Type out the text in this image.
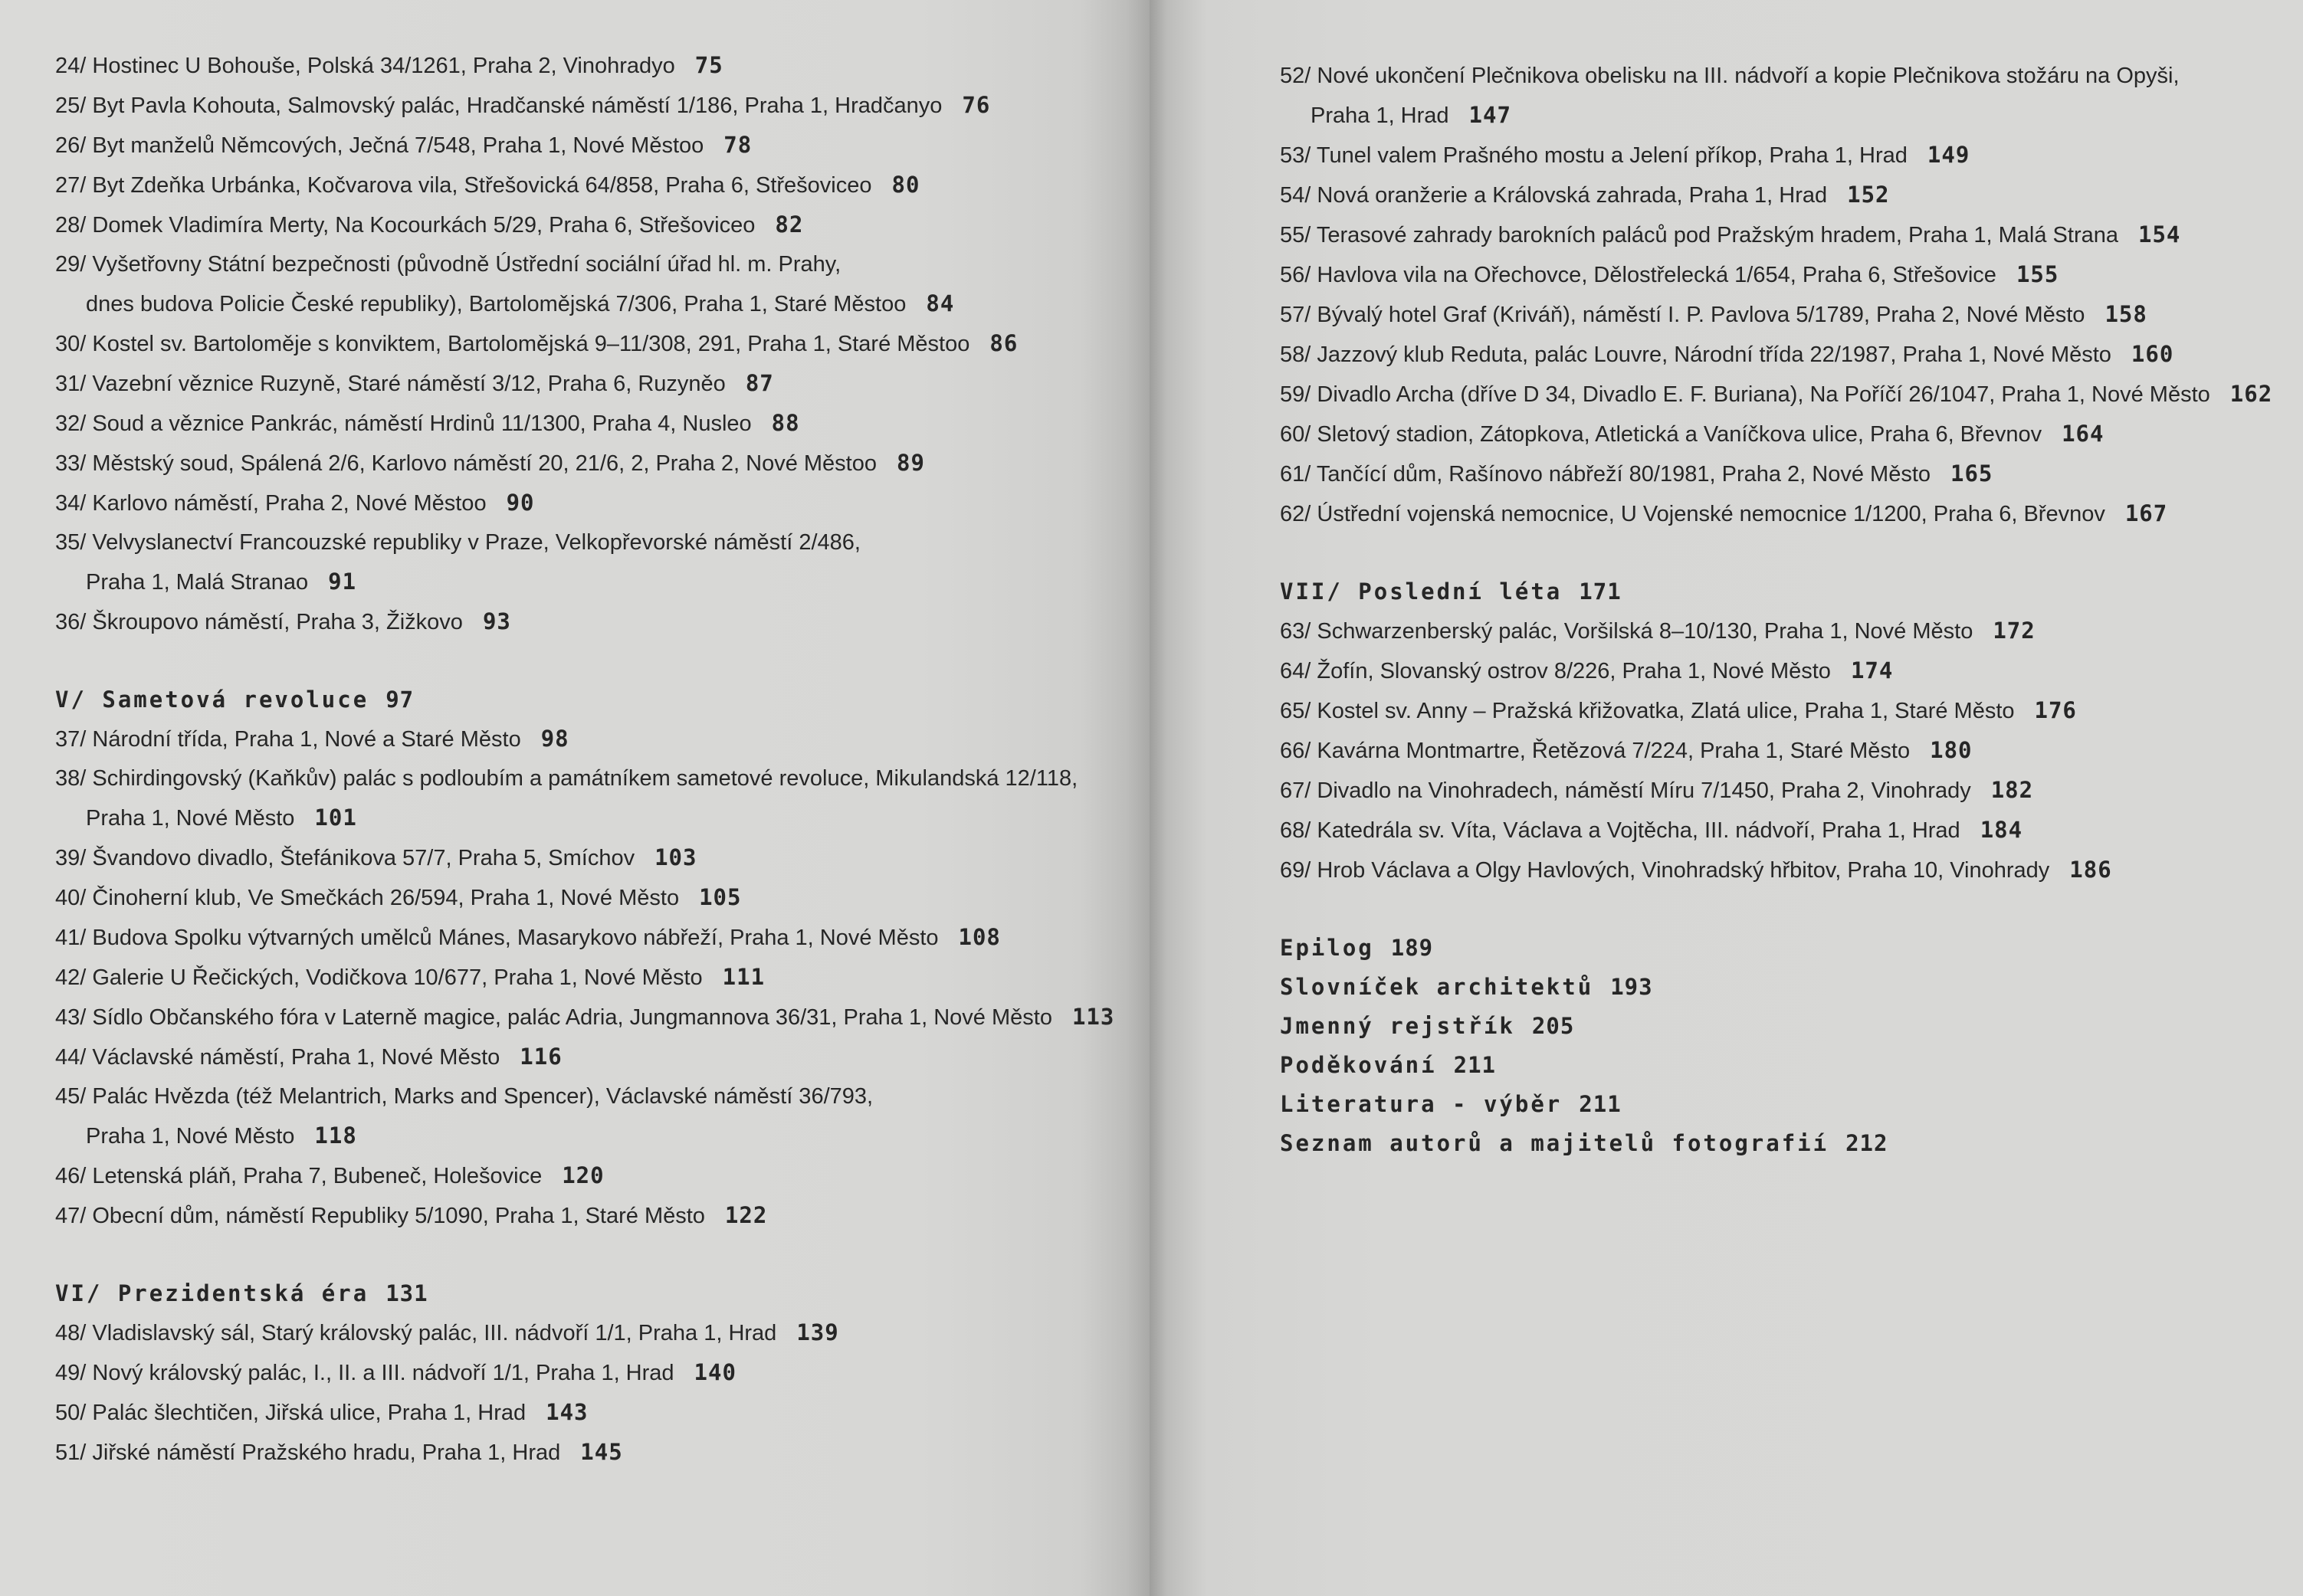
24/ Hostinec U Bohouše, Polská 34/1261, Praha 2, Vinohradyo 75
25/ Byt Pavla Kohouta, Salmovský palác, Hradčanské náměstí 1/186, Praha 1, Hradčanyo 76
26/ Byt manželů Němcových, Ječná 7/548, Praha 1, Nové Městoo 78
27/ Byt Zdeňka Urbánka, Kočvarova vila, Střešovická 64/858, Praha 6, Střešoviceo 80
28/ Domek Vladimíra Merty, Na Kocourkách 5/29, Praha 6, Střešoviceo 82
29/ Vyšetřovny Státní bezpečnosti (původně Ústřední sociální úřad hl. m. Prahy,
dnes budova Policie České republiky), Bartolomějská 7/306, Praha 1, Staré Městoo 84
30/ Kostel sv. Bartoloměje s konviktem, Bartolomějská 9–11/308, 291, Praha 1, Staré Městoo 86
31/ Vazební věznice Ruzyně, Staré náměstí 3/12, Praha 6, Ruzyněo 87
32/ Soud a věznice Pankrác, náměstí Hrdinů 11/1300, Praha 4, Nusleo 88
33/ Městský soud, Spálená 2/6, Karlovo náměstí 20, 21/6, 2, Praha 2, Nové Městoo 89
34/ Karlovo náměstí, Praha 2, Nové Městoo 90
35/ Velvyslanectví Francouzské republiky v Praze, Velkopřevorské náměstí 2/486,
Praha 1, Malá Stranao 91
36/ Škroupovo náměstí, Praha 3, Žižkovo 93
V/ Sametová revoluce 97
37/ Národní třída, Praha 1, Nové a Staré Město 98
38/ Schirdingovský (Kaňkův) palác s podloubím a památníkem sametové revoluce, Mikulandská 12/118,
Praha 1, Nové Město 101
39/ Švandovo divadlo, Štefánikova 57/7, Praha 5, Smíchov 103
40/ Činoherní klub, Ve Smečkách 26/594, Praha 1, Nové Město 105
41/ Budova Spolku výtvarných umělců Mánes, Masarykovo nábřeží, Praha 1, Nové Město 108
42/ Galerie U Řečických, Vodičkova 10/677, Praha 1, Nové Město 111
43/ Sídlo Občanského fóra v Laterně magice, palác Adria, Jungmannova 36/31, Praha 1, Nové Město 113
44/ Václavské náměstí, Praha 1, Nové Město 116
45/ Palác Hvězda (též Melantrich, Marks and Spencer), Václavské náměstí 36/793,
Praha 1, Nové Město 118
46/ Letenská pláň, Praha 7, Bubeneč, Holešovice 120
47/ Obecní dům, náměstí Republiky 5/1090, Praha 1, Staré Město 122
VI/ Prezidentská éra 131
48/ Vladislavský sál, Starý královský palác, III. nádvoří 1/1, Praha 1, Hrad 139
49/ Nový královský palác, I., II. a III. nádvoří 1/1, Praha 1, Hrad 140
50/ Palác šlechtičen, Jiřská ulice, Praha 1, Hrad 143
51/ Jiřské náměstí Pražského hradu, Praha 1, Hrad 145
52/ Nové ukončení Plečnikova obelisku na III. nádvoří a kopie Plečnikova stožáru na Opyši,
Praha 1, Hrad 147
53/ Tunel valem Prašného mostu a Jelení příkop, Praha 1, Hrad 149
54/ Nová oranžerie a Královská zahrada, Praha 1, Hrad 152
55/ Terasové zahrady barokních paláců pod Pražským hradem, Praha 1, Malá Strana 154
56/ Havlova vila na Ořechovce, Dělostřelecká 1/654, Praha 6, Střešovice 155
57/ Bývalý hotel Graf (Kriváň), náměstí I. P. Pavlova 5/1789, Praha 2, Nové Město 158
58/ Jazzový klub Reduta, palác Louvre, Národní třída 22/1987, Praha 1, Nové Město 160
59/ Divadlo Archa (dříve D 34, Divadlo E. F. Buriana), Na Poříčí 26/1047, Praha 1, Nové Město 162
60/ Sletový stadion, Zátopkova, Atletická a Vaníčkova ulice, Praha 6, Břevnov 164
61/ Tančící dům, Rašínovo nábřeží 80/1981, Praha 2, Nové Město 165
62/ Ústřední vojenská nemocnice, U Vojenské nemocnice 1/1200, Praha 6, Břevnov 167
VII/ Poslední léta 171
63/ Schwarzenberský palác, Voršilská 8–10/130, Praha 1, Nové Město 172
64/ Žofín, Slovanský ostrov 8/226, Praha 1, Nové Město 174
65/ Kostel sv. Anny – Pražská křižovatka, Zlatá ulice, Praha 1, Staré Město 176
66/ Kavárna Montmartre, Řetězová 7/224, Praha 1, Staré Město 180
67/ Divadlo na Vinohradech, náměstí Míru 7/1450, Praha 2, Vinohrady 182
68/ Katedrála sv. Víta, Václava a Vojtěcha, III. nádvoří, Praha 1, Hrad 184
69/ Hrob Václava a Olgy Havlových, Vinohradský hřbitov, Praha 10, Vinohrady 186
Epilog 189
Slovníček architektů 193
Jmenný rejstřík 205
Poděkování 211
Literatura - výběr 211
Seznam autorů a majitelů fotografií 212
